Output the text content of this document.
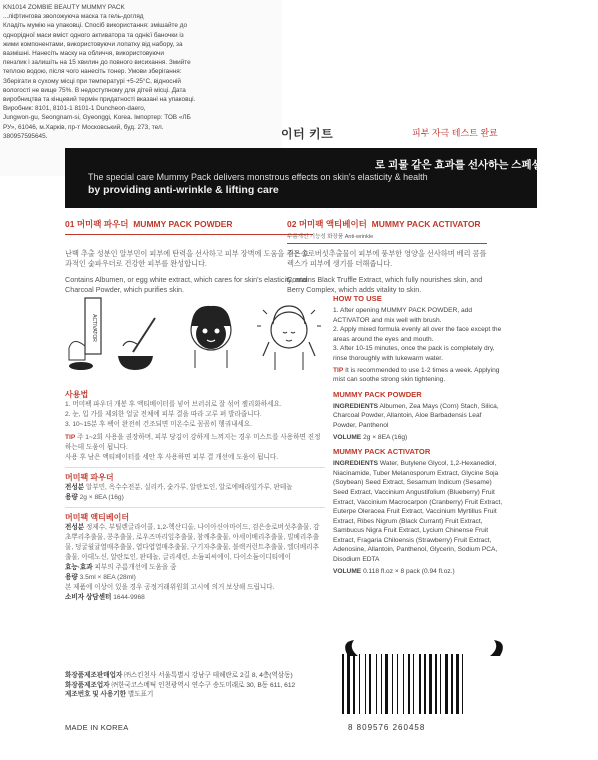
KN1014 ZOMBIE BEAUTY MUMMY PACK
...ліфтингова зволожуюча маска та гель-догляд
Кладіть мумію на упаковці. Спосіб використання: змішайте до
однорідної маси вміст одного активатора та однієї баночки із
жими компонентами, використовуючи лопатку від набору, за
вазмішні. Нанесіть маску на обличчя, використовуючи
пензлик і залишіть на 15 хвилин до повного висихання. Змийте
теплою водою, після чого нанесіть тонер. Умови зберігання:
Зберігати в сухому місці при температурі +5-25°С, відносній
вологості не вище 75%. В недоступному для дітей місці. Дата
виробництва та кінцевий термін придатності вказані на упаковці.
Виробник: 8101, 8101-1 8101-1 Duncheon-daero,
Jungwon-gu, Seongnam-si, Gyeonggi, Korea. Імпортер: ТОВ «ЛБ
РУ», 61046, м.Харків, пр-т Московський, буд. 273, тел.
380957595645.	이터 키트	피부 자극 테스트 완료
로 괴물 같은 효과를 선사하는 스페셜 케어 머미팩
The special care Mummy Pack delivers monstrous effects on skin's elasticity & health
by providing anti-wrinkle & lifting care
01 머미팩 파우더 MUMMY PACK POWDER
난백 추출 성분인 알부민이 피부에 탄력을 선사하고 피부 장벽에 도움을 주는 효과적인 숯파우더로 건강한 피부를 완성합니다.
Contains Albumen, or egg white extract, which cares for skin's elasticity, and Charcoal Powder, which purifies skin.
02 머미팩 액티베이터 MUMMY PACK ACTIVATOR
주름개선 기능성 화장품 Anti-wrinkle
검은송로버섯추출물이 피부에 풍부한 영양을 선사하며 베리 콤플렉스가 피부에 생기를 더해줍니다.
Contains Black Truffle Extract, which fully nourishes skin, and Berry Complex, which adds vitality to skin.
ACTIVATOR
사용법
1. 머미팩 파우더 개봉 후 액티베이터를 넣어 브러쉬로 잘 섞어 젤리화하세요.
2. 눈, 입 가를 제외한 얼굴 전체에 피부 결을 따라 고루 펴 발라줍니다.
3. 10~15분 후 팩이 완전히 건조되면 미온수로 꼼꼼히 헹궈내세요.
TIP 주 1~2회 사용을 권장하며, 피부 당김이 강하게 느껴지는 경우 미스트를 사용하면 진정하는데 도움이 됩니다.
사용 후 남은 액티베이터를 세안 후 사용하면 피부 결 개선에 도움이 됩니다.
머미팩 파우더
전성분 알부민, 옥수수전분, 실리카, 숯가루, 알란토인, 알로에베라잎가루, 판테놀
용량 2g × 8EA (16g)
머미팩 액티베이터
전성분 정제수, 부틸렌글라이콜, 1,2-헥산디올, 나이아신아마이드, 검은송로버섯추출물, 감초뿌리추출물, 콩추출물, 로우즈마리잎추출물, 참깨추출물, 아세이베리추출물, 빌베리추출물, 덩굴월귤열매추출물, 엽다엽열매추출물, 구기자추출물, 블랙커런트추출물, 엘더베리추출물, 아데노신, 알란토인, 판테놀, 글리세린, 소듐피씨에이, 다이소듐이디티에이
효능·효과 피부의 주름개선에 도움을 줌
용량 3.5ml × 8EA (28ml)
본 제품에 이상이 있을 경우 공정거래위원회 고시에 의거 보상해 드립니다.
소비자 상담센터 1644-9968
화장품제조판매업자 ㈜스킨천사 서울특별시 강남구 테헤란로 2길 8, 4층(역삼동)
화장품제조업자 ㈜한국코스메틱 인천광역시 연수구 송도미래로 30, B동 611, 612
제조번호 및 사용기한 별도표기
MADE IN KOREA
HOW TO USE
1. After opening MUMMY PACK POWDER, add ACTIVATOR and mix well with brush.
2. Apply mixed formula evenly all over the face except the areas around the eyes and mouth.
3. After 10-15 minutes, once the pack is completely dry, rinse thoroughly with lukewarm water.
TIP It is recommended to use 1-2 times a week. Applying mist can soothe strong skin tightening.
MUMMY PACK POWDER
INGREDIENTS Albumen, Zea Mays (Corn) Stach, Silica, Charcoal Powder, Allantoin, Aloe Barbadensis Leaf Powder, Panthenol
VOLUME 2g × 8EA (16g)
MUMMY PACK ACTIVATOR
INGREDIENTS Water, Butylene Glycol, 1,2-Hexanediol, Niacinamide, Tuber Melanosporum Extract, Glycine Soja (Soybean) Seed Extract, Sesamum Indicum (Sesame) Seed Extract, Vaccinium Angustifolium (Blueberry) Fruit Extract, Vaccinium Macrocarpon (Cranberry) Fruit Extract, Euterpe Oleracea Fruit Extract, Vaccinium Myrtillus Fruit Extract, Ribes Nigrum (Black Currant) Fruit Extract, Sambucus Nigra Fruit Extract, Lycium Chinense Fruit Extract, Fragaria Chiloensis (Strawberry) Fruit Extract, Adenosine, Allantoin, Panthenol, Glycerin, Sodium PCA, Disodium EDTA
VOLUME 0.118 fl.oz × 8 pack (0.94 fl.oz.)
8 809576 260458
